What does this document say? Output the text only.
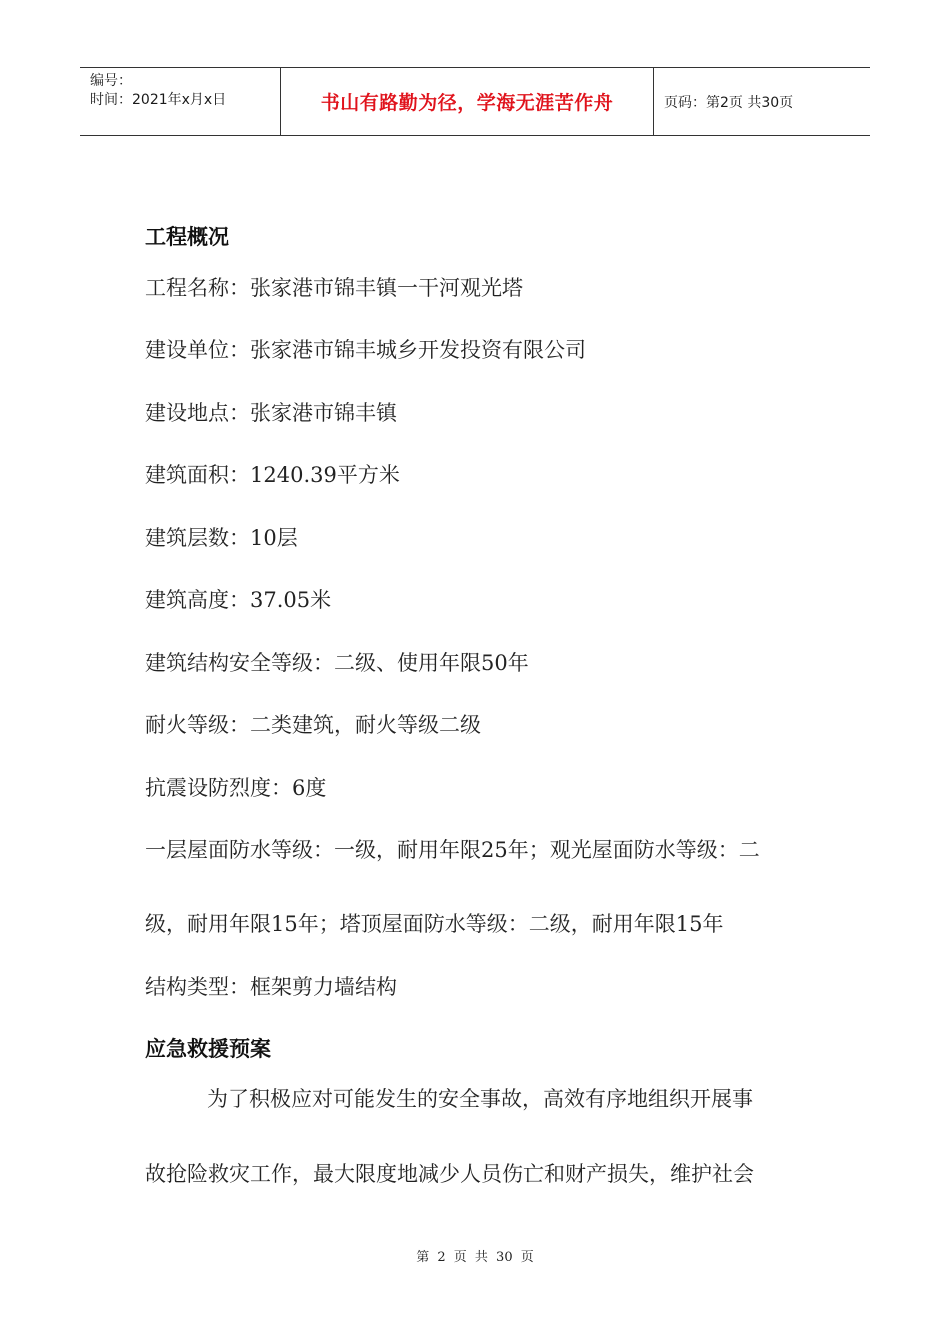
编号：
时间：2021年x月x日	书山有路勤为径，学海无涯苦作舟	页码：第2页 共30页
工程概况
工程名称：张家港市锦丰镇一干河观光塔
建设单位：张家港市锦丰城乡开发投资有限公司
建设地点：张家港市锦丰镇
建筑面积：1240.39平方米
建筑层数：10层
建筑高度：37.05米
建筑结构安全等级：二级、使用年限50年
耐火等级：二类建筑，耐火等级二级
抗震设防烈度：6度
一层屋面防水等级：一级，耐用年限25年；观光屋面防水等级：二
级，耐用年限15年；塔顶屋面防水等级：二级，耐用年限15年
结构类型：框架剪力墙结构
应急救援预案
为了积极应对可能发生的安全事故，高效有序地组织开展事
故抢险救灾工作，最大限度地减少人员伤亡和财产损失，维护社会
第 2 页 共 30 页
